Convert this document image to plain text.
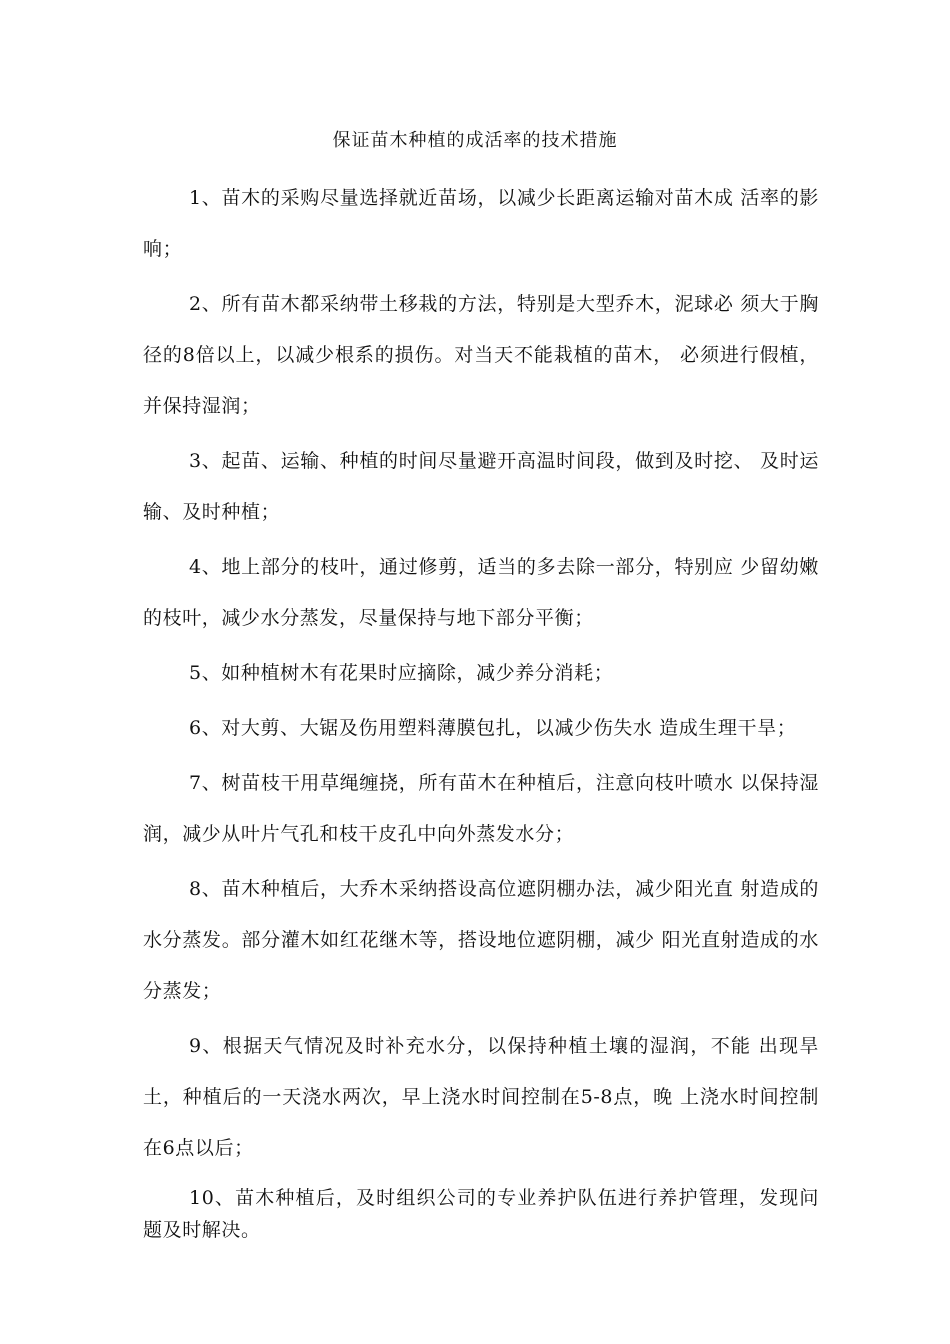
保证苗木种植的成活率的技术措施

1、苗木的采购尽量选择就近苗场，以减少长距离运输对苗木成 活率的影响；

2、所有苗木都采纳带土移栽的方法，特别是大型乔木，泥球必 须大于胸径的8倍以上，以减少根系的损伤。对当天不能栽植的苗木， 必须进行假植，并保持湿润；

3、起苗、运输、种植的时间尽量避开高温时间段，做到及时挖、 及时运输、及时种植；

4、地上部分的枝叶，通过修剪，适当的多去除一部分，特别应 少留幼嫩的枝叶，减少水分蒸发，尽量保持与地下部分平衡；

5、如种植树木有花果时应摘除，减少养分消耗；

6、对大剪、大锯及伤用塑料薄膜包扎，以减少伤失水 造成生理干旱；

7、树苗枝干用草绳缠挠，所有苗木在种植后，注意向枝叶喷水 以保持湿润，减少从叶片气孔和枝干皮孔中向外蒸发水分；

8、苗木种植后，大乔木采纳搭设高位遮阴棚办法，减少阳光直 射造成的水分蒸发。部分灌木如红花继木等，搭设地位遮阴棚，减少 阳光直射造成的水分蒸发；

9、根据天气情况及时补充水分，以保持种植土壤的湿润，不能 出现旱土，种植后的一天浇水两次，早上浇水时间控制在5-8点，晚 上浇水时间控制在6点以后；

10、苗木种植后，及时组织公司的专业养护队伍进行养护管理，发现问题及时解决。
